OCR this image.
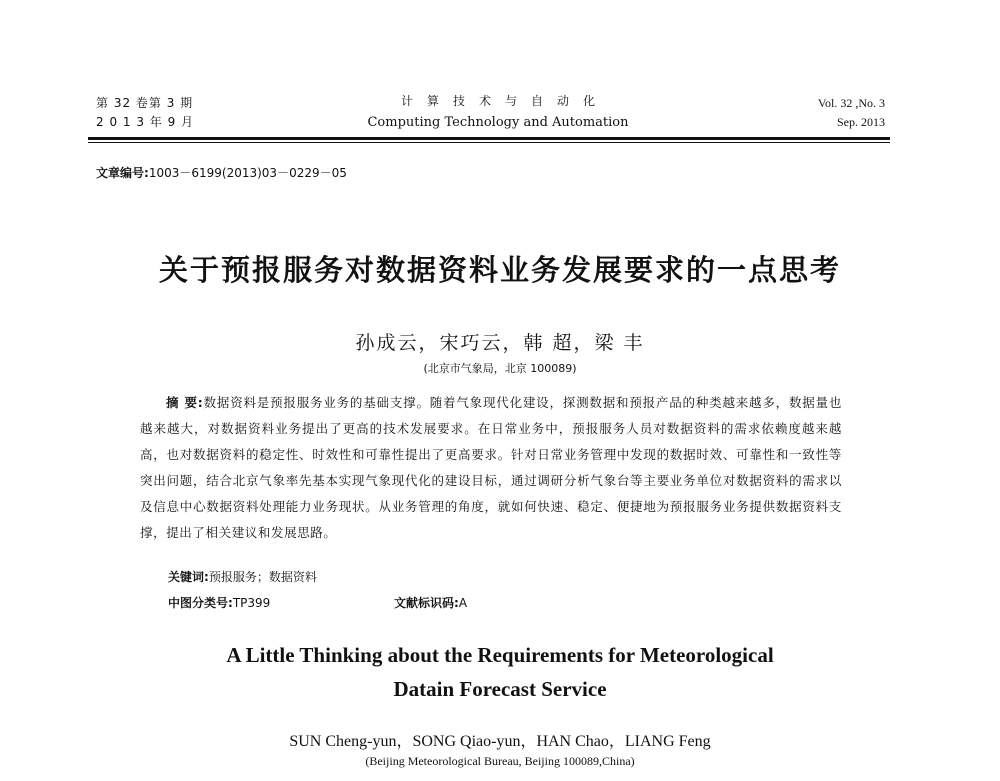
第 32 卷第 3 期
2 0 1 3 年 9 月
计算技术与自动化
Computing Technology and Automation
Vol. 32 ,No. 3
Sep. 2013
文章编号:1003－6199(2013)03－0229－05
关于预报服务对数据资料业务发展要求的一点思考
孙成云，宋巧云，韩 超，梁 丰
(北京市气象局，北京 100089)
摘 要:数据资料是预报服务业务的基础支撑。随着气象现代化建设，探测数据和预报产品的种类越来越多，数据量也越来越大，对数据资料业务提出了更高的技术发展要求。在日常业务中，预报服务人员对数据资料的需求依赖度越来越高，也对数据资料的稳定性、时效性和可靠性提出了更高要求。针对日常业务管理中发现的数据时效、可靠性和一致性等突出问题，结合北京气象率先基本实现气象现代化的建设目标，通过调研分析气象台等主要业务单位对数据资料的需求以及信息中心数据资料处理能力业务现状。从业务管理的角度，就如何快速、稳定、便捷地为预报服务业务提供数据资料支撑，提出了相关建议和发展思路。
关键词:预报服务；数据资料
中图分类号:TP399	文献标识码:A
A Little Thinking about the Requirements for Meteorological
Datain Forecast Service
SUN Cheng-yun，SONG Qiao-yun，HAN Chao，LIANG Feng
(Beijing Meteorological Bureau, Beijing 100089,China)
